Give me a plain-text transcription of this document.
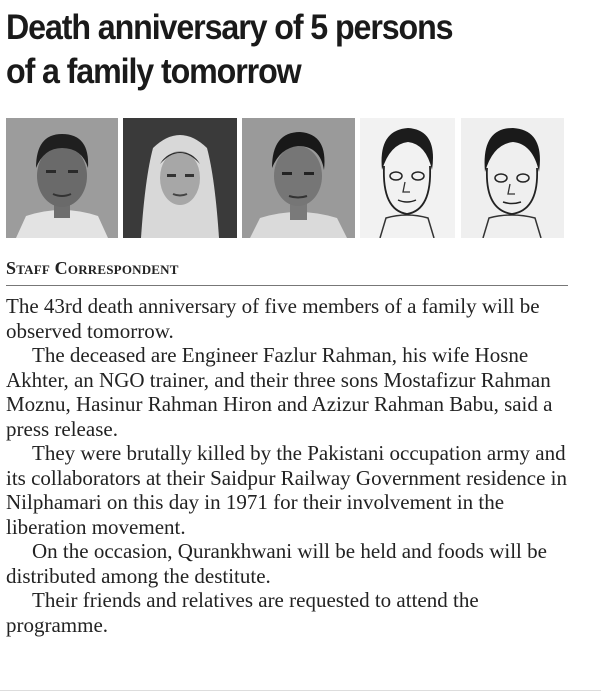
Death anniversary of 5 persons
of a family tomorrow
Staff Correspondent

The 43rd death anniversary of five members of a family will be observed tomorrow.

The deceased are Engineer Fazlur Rahman, his wife Hosne Akhter, an NGO trainer, and their three sons Mostafizur Rahman Moznu, Hasinur Rahman Hiron and Azizur Rahman Babu, said a press release.

They were brutally killed by the Pakistani occupation army and its collaborators at their Saidpur Railway Government residence in Nilphamari on this day in 1971 for their involvement in the liberation movement.

On the occasion, Qurankhwani will be held and foods will be distributed among the destitute.

Their friends and relatives are requested to attend the programme.
